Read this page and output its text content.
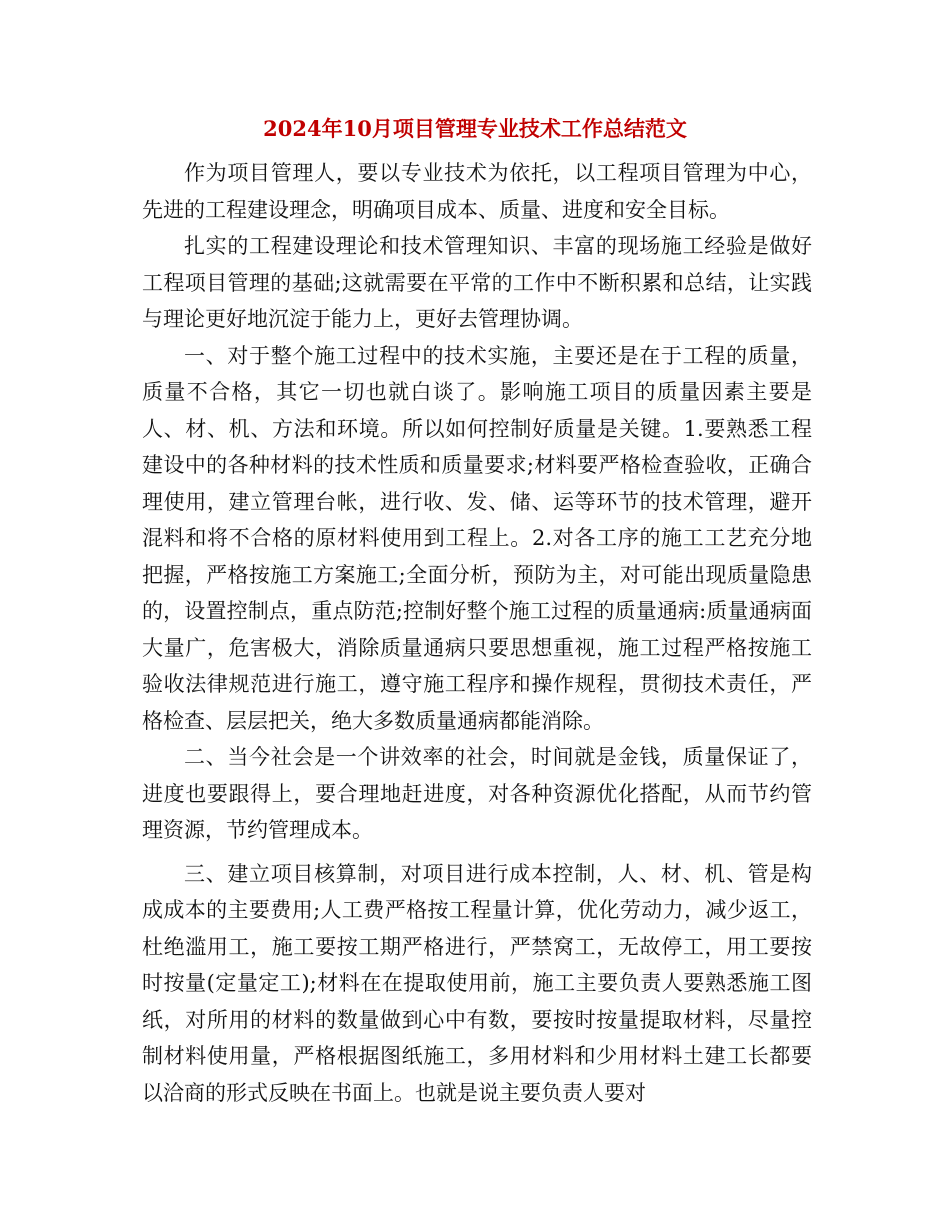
2024年10月项目管理专业技术工作总结范文

作为项目管理人，要以专业技术为依托，以工程项目管理为中心，先进的工程建设理念，明确项目成本、质量、进度和安全目标。

扎实的工程建设理论和技术管理知识、丰富的现场施工经验是做好工程项目管理的基础;这就需要在平常的工作中不断积累和总结，让实践与理论更好地沉淀于能力上，更好去管理协调。

一、对于整个施工过程中的技术实施，主要还是在于工程的质量，质量不合格，其它一切也就白谈了。影响施工项目的质量因素主要是人、材、机、方法和环境。所以如何控制好质量是关键。1.要熟悉工程建设中的各种材料的技术性质和质量要求;材料要严格检查验收，正确合理使用，建立管理台帐，进行收、发、储、运等环节的技术管理，避开混料和将不合格的原材料使用到工程上。2.对各工序的施工工艺充分地把握，严格按施工方案施工;全面分析，预防为主，对可能出现质量隐患的，设置控制点，重点防范;控制好整个施工过程的质量通病:质量通病面大量广，危害极大，消除质量通病只要思想重视，施工过程严格按施工验收法律规范进行施工，遵守施工程序和操作规程，贯彻技术责任，严格检查、层层把关，绝大多数质量通病都能消除。

二、当今社会是一个讲效率的社会，时间就是金钱，质量保证了，进度也要跟得上，要合理地赶进度，对各种资源优化搭配，从而节约管理资源，节约管理成本。

三、建立项目核算制，对项目进行成本控制，人、材、机、管是构成成本的主要费用;人工费严格按工程量计算，优化劳动力，减少返工，杜绝滥用工，施工要按工期严格进行，严禁窝工，无故停工，用工要按时按量(定量定工);材料在在提取使用前，施工主要负责人要熟悉施工图纸，对所用的材料的数量做到心中有数，要按时按量提取材料，尽量控制材料使用量，严格根据图纸施工，多用材料和少用材料土建工长都要以洽商的形式反映在书面上。也就是说主要负责人要对
